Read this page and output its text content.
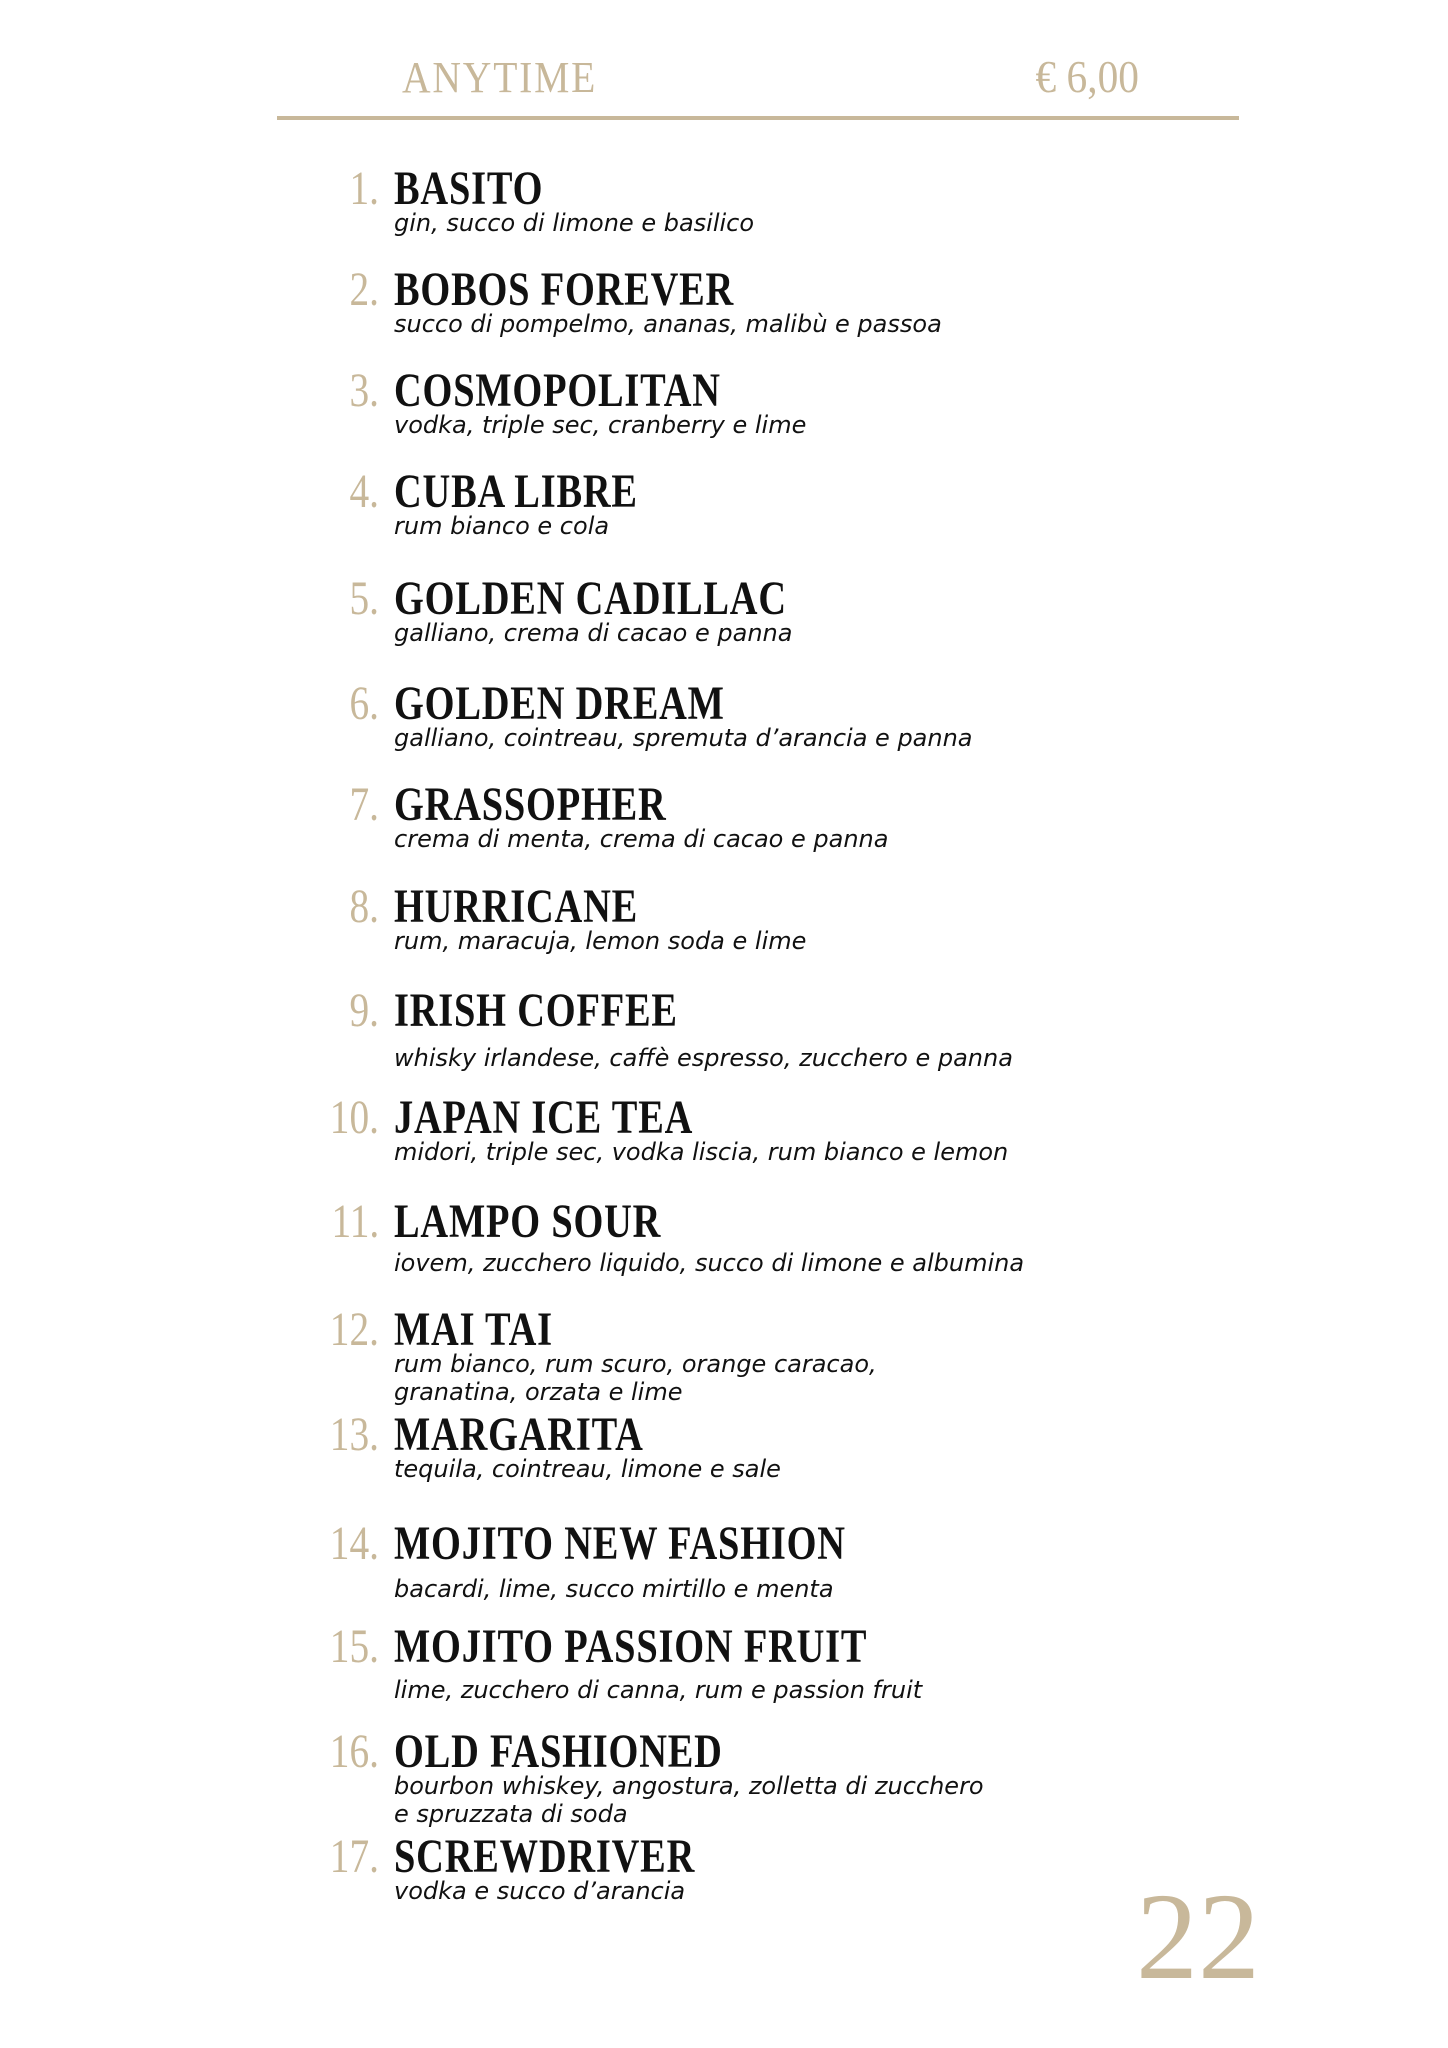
ANYTIME	€ 6,00
1. BASITO
gin, succo di limone e basilico
2. BOBOS FOREVER
succo di pompelmo, ananas, malibù e passoa
3. COSMOPOLITAN
vodka, triple sec, cranberry e lime
4. CUBA LIBRE
rum bianco e cola
5. GOLDEN CADILLAC
galliano, crema di cacao e panna
6. GOLDEN DREAM
galliano, cointreau, spremuta d’arancia e panna
7. GRASSOPHER
crema di menta, crema di cacao e panna
8. HURRICANE
rum, maracuja, lemon soda e lime
9. IRISH COFFEE
whisky irlandese, caffè espresso, zucchero e panna
10. JAPAN ICE TEA
midori, triple sec, vodka liscia, rum bianco e lemon
11. LAMPO SOUR
iovem, zucchero liquido, succo di limone e albumina
12. MAI TAI
rum bianco, rum scuro, orange caracao, granatina, orzata e lime
13. MARGARITA
tequila, cointreau, limone e sale
14. MOJITO NEW FASHION
bacardi, lime, succo mirtillo e menta
15. MOJITO PASSION FRUIT
lime, zucchero di canna, rum e passion fruit
16. OLD FASHIONED
bourbon whiskey, angostura, zolletta di zucchero e spruzzata di soda
17. SCREWDRIVER
vodka e succo d’arancia	22
